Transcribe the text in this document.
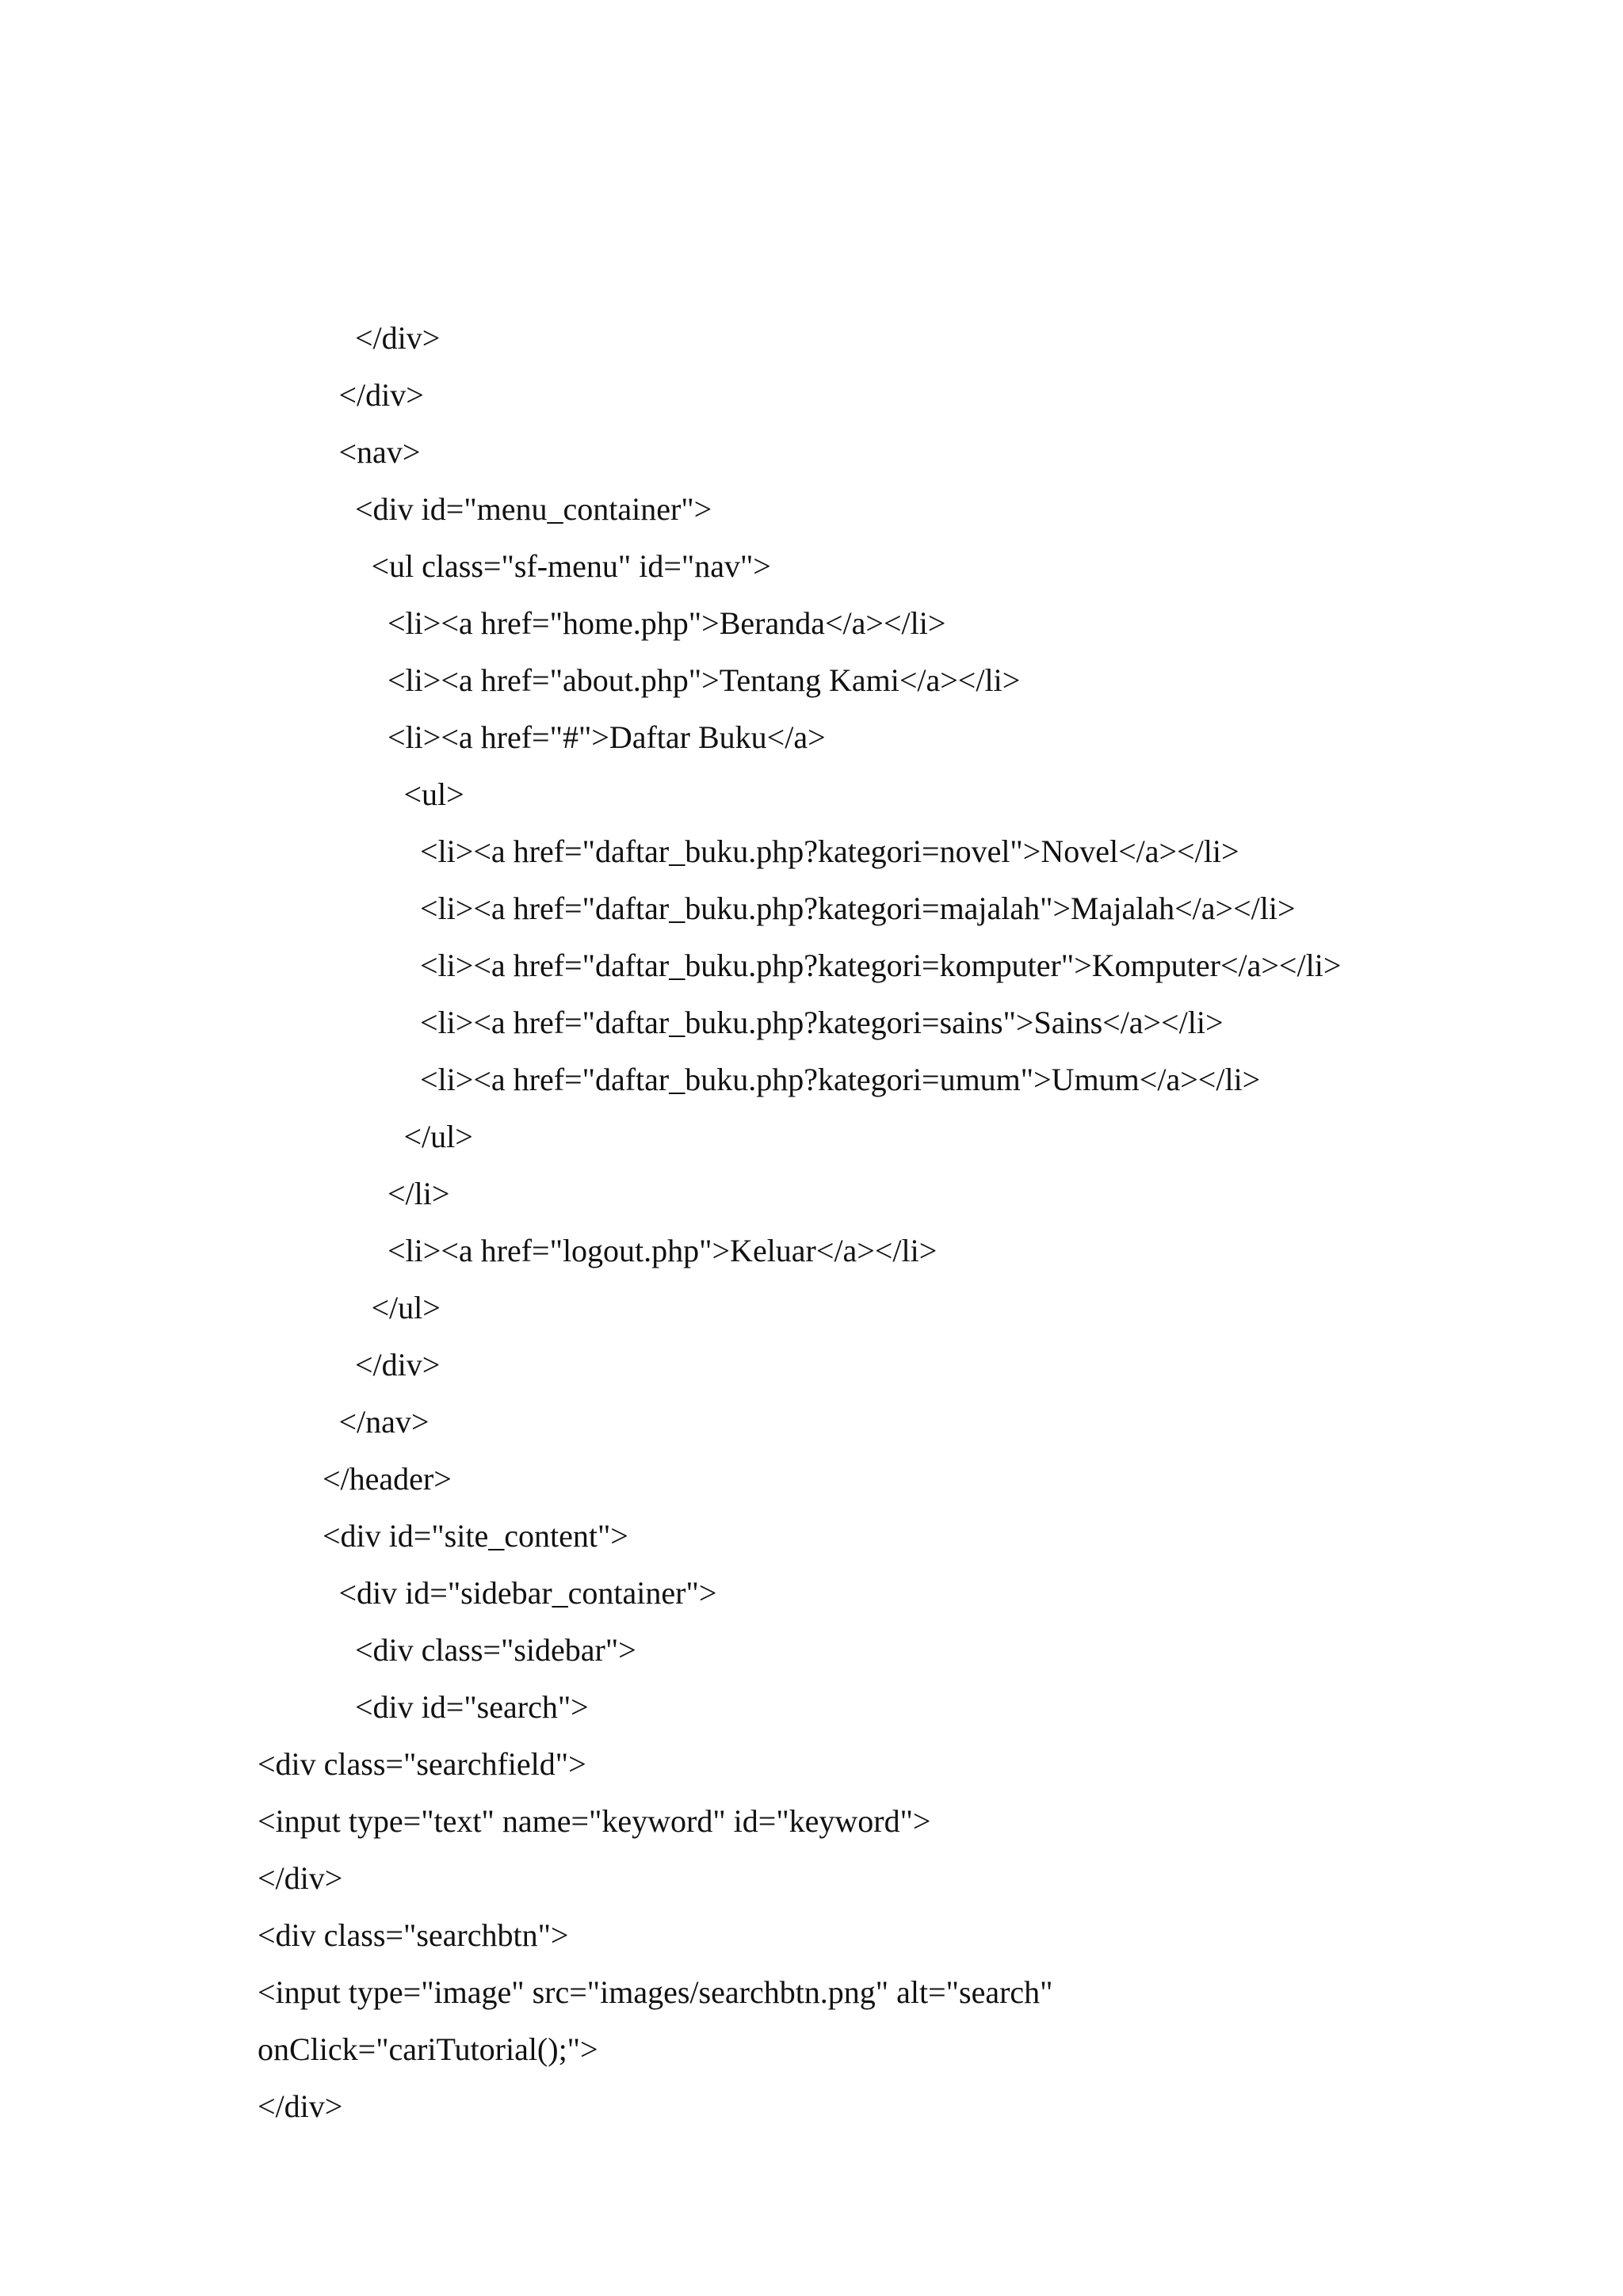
</div>
</div>
<nav>
<div id="menu_container">
<ul class="sf-menu" id="nav">
<li><a href="home.php">Beranda</a></li>
<li><a href="about.php">Tentang Kami</a></li>
<li><a href="#">Daftar Buku</a>
<ul>
<li><a href="daftar_buku.php?kategori=novel">Novel</a></li>
<li><a href="daftar_buku.php?kategori=majalah">Majalah</a></li>
<li><a href="daftar_buku.php?kategori=komputer">Komputer</a></li>
<li><a href="daftar_buku.php?kategori=sains">Sains</a></li>
<li><a href="daftar_buku.php?kategori=umum">Umum</a></li>
</ul>
</li>
<li><a href="logout.php">Keluar</a></li>
</ul>
</div>
</nav>
</header>
<div id="site_content">
<div id="sidebar_container">
<div class="sidebar">
<div id="search">
<div class="searchfield">
<input type="text" name="keyword" id="keyword">
</div>
<div class="searchbtn">
<input type="image" src="images/searchbtn.png" alt="search"
onClick="cariTutorial();">
</div>
